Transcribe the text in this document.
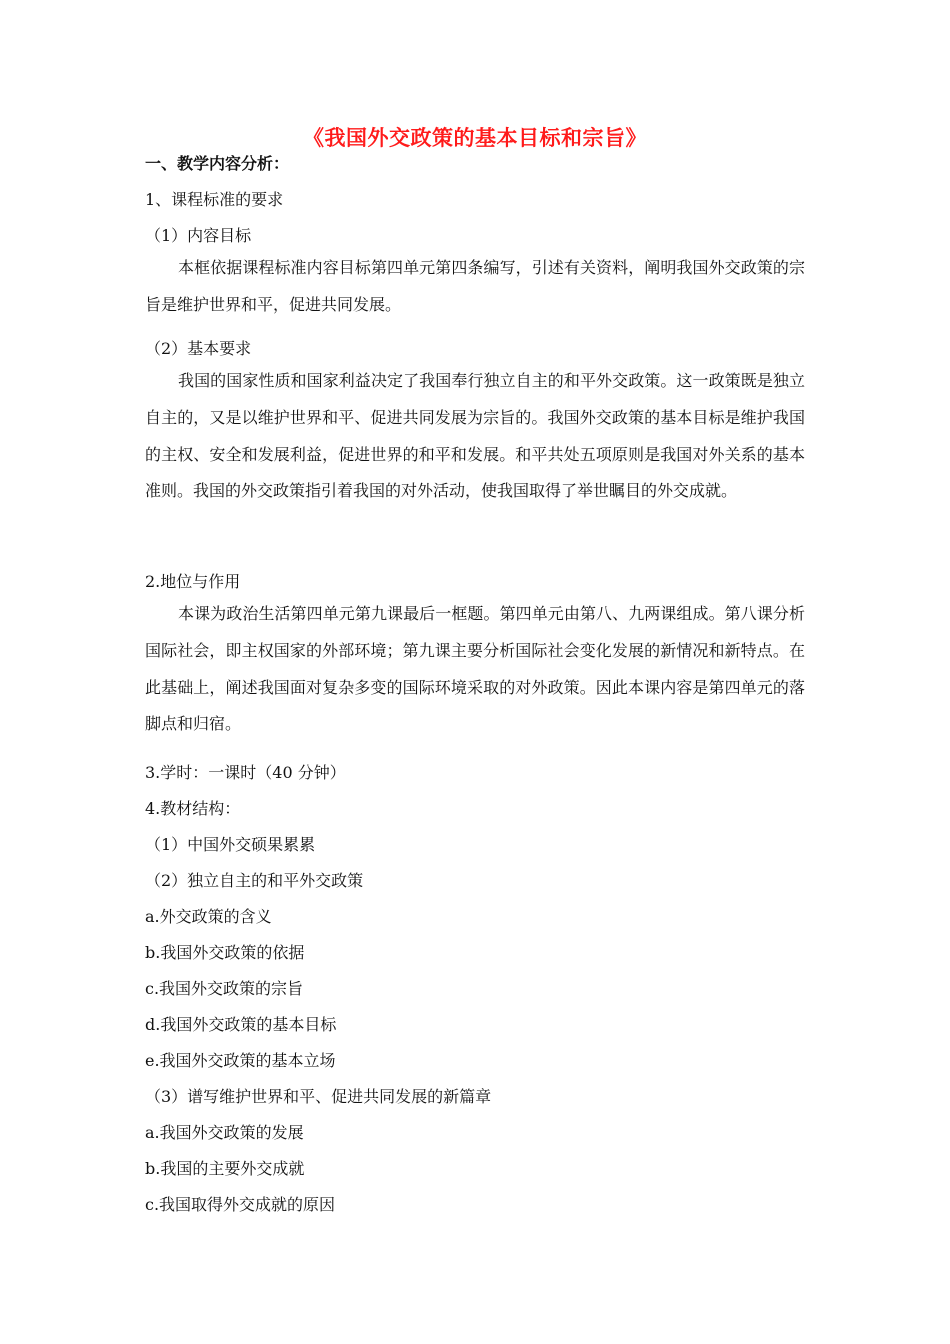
《我国外交政策的基本目标和宗旨》
一、教学内容分析：
1、课程标准的要求
（1）内容目标
本框依据课程标准内容目标第四单元第四条编写，引述有关资料，阐明我国外交政策的宗旨是维护世界和平，促进共同发展。
（2）基本要求
我国的国家性质和国家利益决定了我国奉行独立自主的和平外交政策。这一政策既是独立自主的，又是以维护世界和平、促进共同发展为宗旨的。我国外交政策的基本目标是维护我国的主权、安全和发展利益，促进世界的和平和发展。和平共处五项原则是我国对外关系的基本准则。我国的外交政策指引着我国的对外活动，使我国取得了举世瞩目的外交成就。
2.地位与作用
本课为政治生活第四单元第九课最后一框题。第四单元由第八、九两课组成。第八课分析国际社会，即主权国家的外部环境；第九课主要分析国际社会变化发展的新情况和新特点。在此基础上，阐述我国面对复杂多变的国际环境采取的对外政策。因此本课内容是第四单元的落脚点和归宿。
3.学时：一课时（40 分钟）
4.教材结构：
（1）中国外交硕果累累
（2）独立自主的和平外交政策
a.外交政策的含义
b.我国外交政策的依据
c.我国外交政策的宗旨
d.我国外交政策的基本目标
e.我国外交政策的基本立场
（3）谱写维护世界和平、促进共同发展的新篇章
a.我国外交政策的发展
b.我国的主要外交成就
c.我国取得外交成就的原因
